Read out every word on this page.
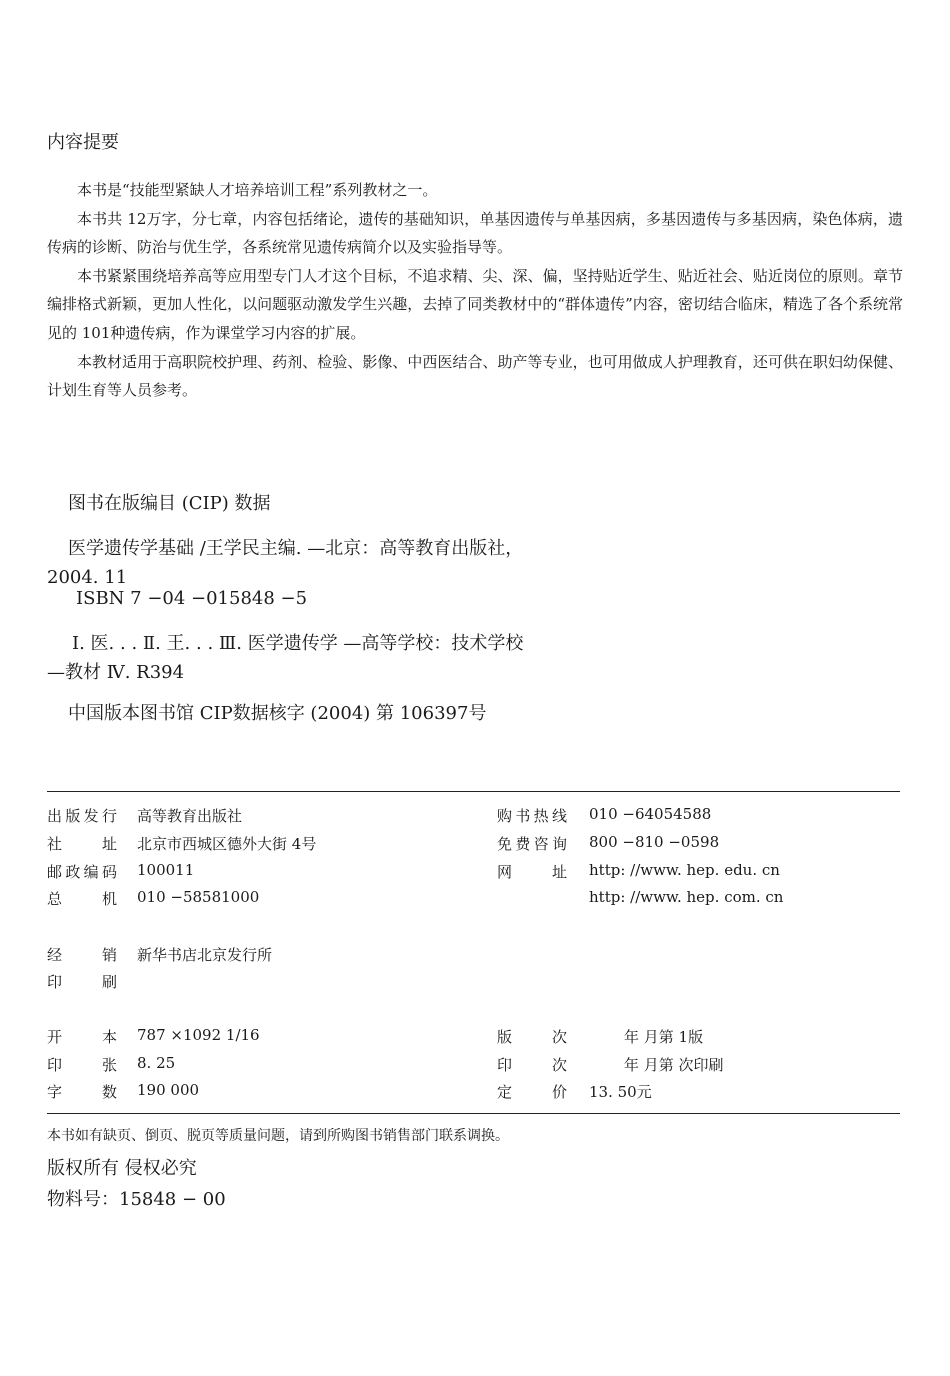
内容提要

本书是“技能型紧缺人才培养培训工程”系列教材之一。

本书共 12万字，分七章，内容包括绪论，遗传的基础知识，单基因遗传与单基因病，多基因遗传与多基因病，染色体病，遗传病的诊断、防治与优生学，各系统常见遗传病简介以及实验指导等。

本书紧紧围绕培养高等应用型专门人才这个目标，不追求精、尖、深、偏，坚持贴近学生、贴近社会、贴近岗位的原则。章节编排格式新颖，更加人性化，以问题驱动激发学生兴趣，去掉了同类教材中的“群体遗传”内容，密切结合临床，精选了各个系统常见的 101种遗传病，作为课堂学习内容的扩展。

本教材适用于高职院校护理、药剂、检验、影像、中西医结合、助产等专业，也可用做成人护理教育，还可供在职妇幼保健、计划生育等人员参考。

图书在版编目 (CIP) 数据
医学遗传学基础 /王学民主编. —北京：高等教育出版社，2004. 11
ISBN 7 −04 −015848 −5
Ⅰ. 医. . . Ⅱ. 王. . . Ⅲ. 医学遗传学 —高等学校：技术学校 —教材 Ⅳ. R394
中国版本图书馆 CIP数据核字 (2004) 第 106397号
出版发行 高等教育出版社
社址 北京市西城区德外大街 4号
邮政编码 100011
总机 010 −58581000
经销 新华书店北京发行所
印刷
开本 787 ×1092 1/16
印张 8. 25
字数 190 000
购书热线 010 −64054588
免费咨询 800 −810 −0598
网址 http: //www. hep. edu. cn
http: //www. hep. com. cn
版次	年 月第 1版
印次	年 月第 次印刷
定价 13. 50元
本书如有缺页、倒页、脱页等质量问题，请到所购图书销售部门联系调换。
版权所有 侵权必究
物料号：15848 − 00
